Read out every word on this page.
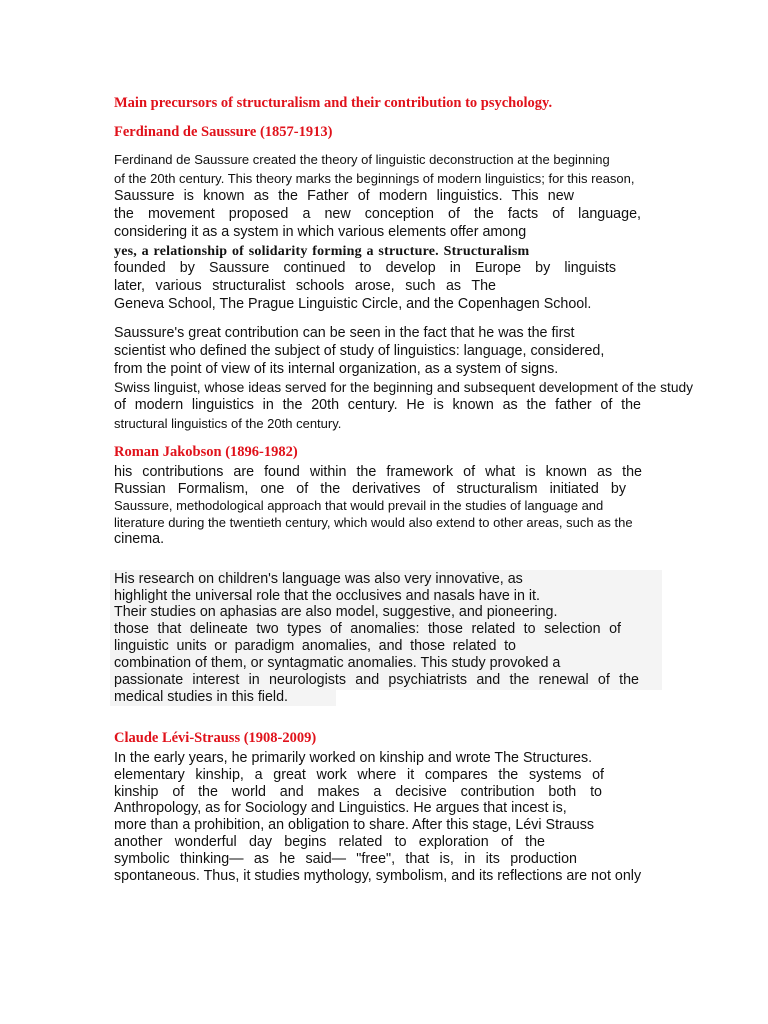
Main precursors of structuralism and their contribution to psychology.

Ferdinand de Saussure (1857-1913)

Ferdinand de Saussure created the theory of linguistic deconstruction at the beginning

of the 20th century. This theory marks the beginnings of modern linguistics; for this reason,

Saussure is known as the Father of modern linguistics. This new

the movement proposed a new conception of the facts of language,

considering it as a system in which various elements offer among

yes, a relationship of solidarity forming a structure. Structuralism

founded by Saussure continued to develop in Europe by linguists

later, various structuralist schools arose, such as The

Geneva School, The Prague Linguistic Circle, and the Copenhagen School.

Saussure's great contribution can be seen in the fact that he was the first

scientist who defined the subject of study of linguistics: language, considered,

from the point of view of its internal organization, as a system of signs.

Swiss linguist, whose ideas served for the beginning and subsequent development of the study

of modern linguistics in the 20th century. He is known as the father of the

structural linguistics of the 20th century.

Roman Jakobson (1896-1982)

his contributions are found within the framework of what is known as the

Russian Formalism, one of the derivatives of structuralism initiated by

Saussure, methodological approach that would prevail in the studies of language and

literature during the twentieth century, which would also extend to other areas, such as the

cinema.

His research on children's language was also very innovative, as

highlight the universal role that the occlusives and nasals have in it.

Their studies on aphasias are also model, suggestive, and pioneering.

those that delineate two types of anomalies: those related to selection of

linguistic units or paradigm anomalies, and those related to

combination of them, or syntagmatic anomalies. This study provoked a

passionate interest in neurologists and psychiatrists and the renewal of the

medical studies in this field.

Claude Lévi-Strauss (1908-2009)

In the early years, he primarily worked on kinship and wrote The Structures.

elementary kinship, a great work where it compares the systems of

kinship of the world and makes a decisive contribution both to

Anthropology, as for Sociology and Linguistics. He argues that incest is,

more than a prohibition, an obligation to share. After this stage, Lévi Strauss

another wonderful day begins related to exploration of the

symbolic thinking— as he said— "free", that is, in its production

spontaneous. Thus, it studies mythology, symbolism, and its reflections are not only
